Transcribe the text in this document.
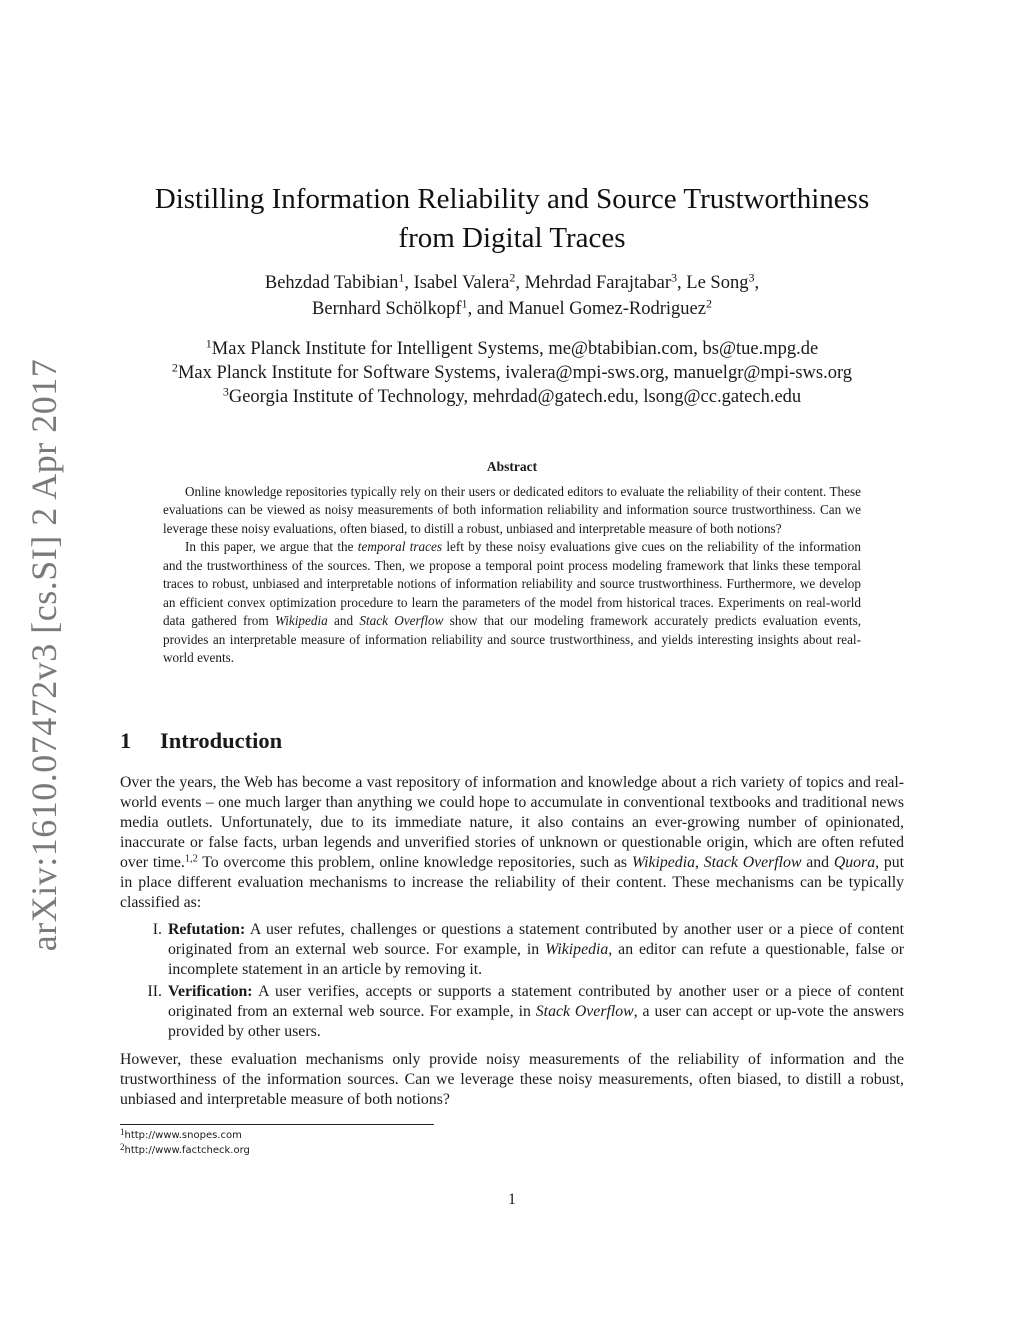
arXiv:1610.07472v3 [cs.SI] 2 Apr 2017
Distilling Information Reliability and Source Trustworthiness
from Digital Traces
Behzdad Tabibian$^1$, Isabel Valera$^2$, Mehrdad Farajtabar$^3$, Le Song$^3$,
Bernhard Schölkopf$^1$, and Manuel Gomez-Rodriguez$^2$
$^1$Max Planck Institute for Intelligent Systems, me@btabibian.com, bs@tue.mpg.de
$^2$Max Planck Institute for Software Systems, ivalera@mpi-sws.org, manuelgr@mpi-sws.org
$^3$Georgia Institute of Technology, mehrdad@gatech.edu, lsong@cc.gatech.edu
Abstract

Online knowledge repositories typically rely on their users or dedicated editors to evaluate the reliability of their content. These evaluations can be viewed as noisy measurements of both information reliability and information source trustworthiness. Can we leverage these noisy evaluations, often biased, to distill a robust, unbiased and interpretable measure of both notions?

In this paper, we argue that the temporal traces left by these noisy evaluations give cues on the reliability of the information and the trustworthiness of the sources. Then, we propose a temporal point process modeling framework that links these temporal traces to robust, unbiased and interpretable notions of information reliability and source trustworthiness. Furthermore, we develop an efficient convex optimization procedure to learn the parameters of the model from historical traces. Experiments on real-world data gathered from Wikipedia and Stack Overflow show that our modeling framework accurately predicts evaluation events, provides an interpretable measure of information reliability and source trustworthiness, and yields interesting insights about real-world events.

1 Introduction

Over the years, the Web has become a vast repository of information and knowledge about a rich variety of topics and real-world events – one much larger than anything we could hope to accumulate in conventional textbooks and traditional news media outlets. Unfortunately, due to its immediate nature, it also contains an ever-growing number of opinionated, inaccurate or false facts, urban legends and unverified stories of unknown or questionable origin, which are often refuted over time.$^{1,2}$ To overcome this problem, online knowledge repositories, such as Wikipedia, Stack Overflow and Quora, put in place different evaluation mechanisms to increase the reliability of their content. These mechanisms can be typically classified as:

I. Refutation: A user refutes, challenges or questions a statement contributed by another user or a piece of content originated from an external web source. For example, in Wikipedia, an editor can refute a questionable, false or incomplete statement in an article by removing it.
II. Verification: A user verifies, accepts or supports a statement contributed by another user or a piece of content originated from an external web source. For example, in Stack Overflow, a user can accept or up-vote the answers provided by other users.

However, these evaluation mechanisms only provide noisy measurements of the reliability of information and the trustworthiness of the information sources. Can we leverage these noisy measurements, often biased, to distill a robust, unbiased and interpretable measure of both notions?

$^1$http://www.snopes.com
$^2$http://www.factcheck.org
1
